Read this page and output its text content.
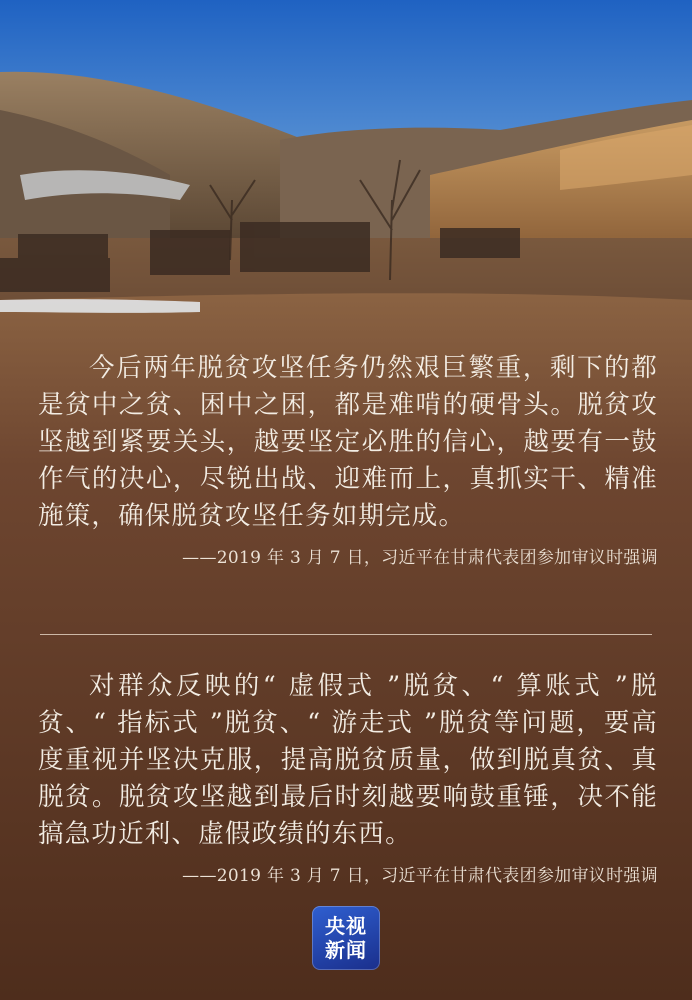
今后两年脱贫攻坚任务仍然艰巨繁重，剩下的都是贫中之贫、困中之困，都是难啃的硬骨头。脱贫攻坚越到紧要关头，越要坚定必胜的信心，越要有一鼓作气的决心，尽锐出战、迎难而上，真抓实干、精准施策，确保脱贫攻坚任务如期完成。

——2019 年 3 月 7 日，习近平在甘肃代表团参加审议时强调

对群众反映的“ 虚假式 ”脱贫、“ 算账式 ”脱贫、“ 指标式 ”脱贫、“ 游走式 ”脱贫等问题，要高度重视并坚决克服，提高脱贫质量，做到脱真贫、真脱贫。脱贫攻坚越到最后时刻越要响鼓重锤，决不能搞急功近利、虚假政绩的东西。

——2019 年 3 月 7 日，习近平在甘肃代表团参加审议时强调
央视
新闻
